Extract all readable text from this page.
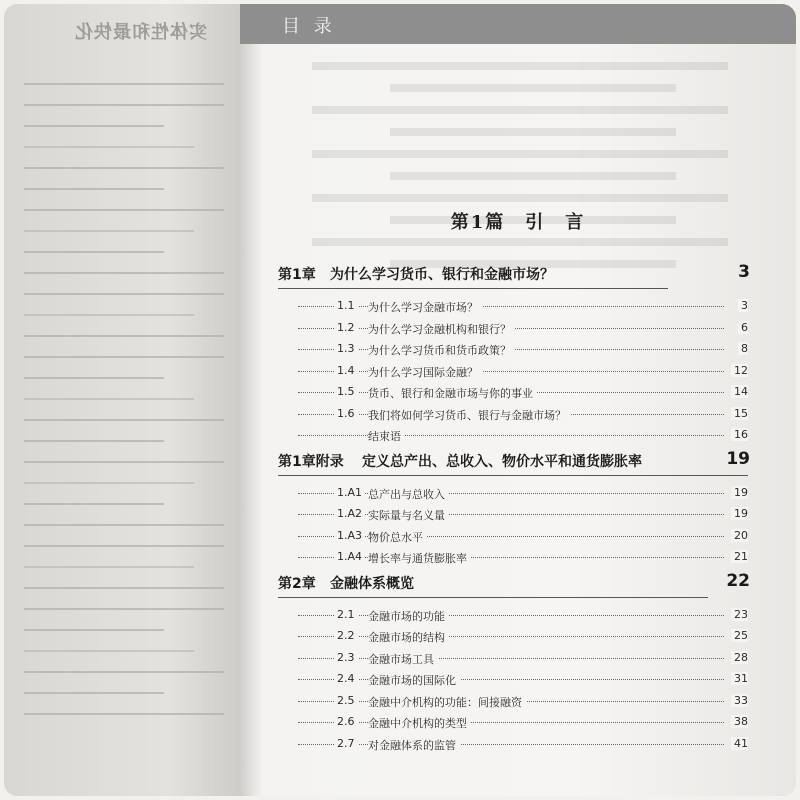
实体性和最快化	目 录
第1篇　引　言
第1章 为什么学习货币、银行和金融市场？	3
1.1 为什么学习金融市场？	3
1.2 为什么学习金融机构和银行？	6
1.3 为什么学习货币和货币政策？	8
1.4 为什么学习国际金融？	12
1.5 货币、银行和金融市场与你的事业	14
1.6 我们将如何学习货币、银行与金融市场？	15
结束语	16
第1章附录 定义总产出、总收入、物价水平和通货膨胀率	19
1.A1 总产出与总收入	19
1.A2 实际量与名义量	19
1.A3 物价总水平	20
1.A4 增长率与通货膨胀率	21
第2章 金融体系概览	22
2.1 金融市场的功能	23
2.2 金融市场的结构	25
2.3 金融市场工具	28
2.4 金融市场的国际化	31
2.5 金融中介机构的功能：间接融资	33
2.6 金融中介机构的类型	38
2.7 对金融体系的监管	41
